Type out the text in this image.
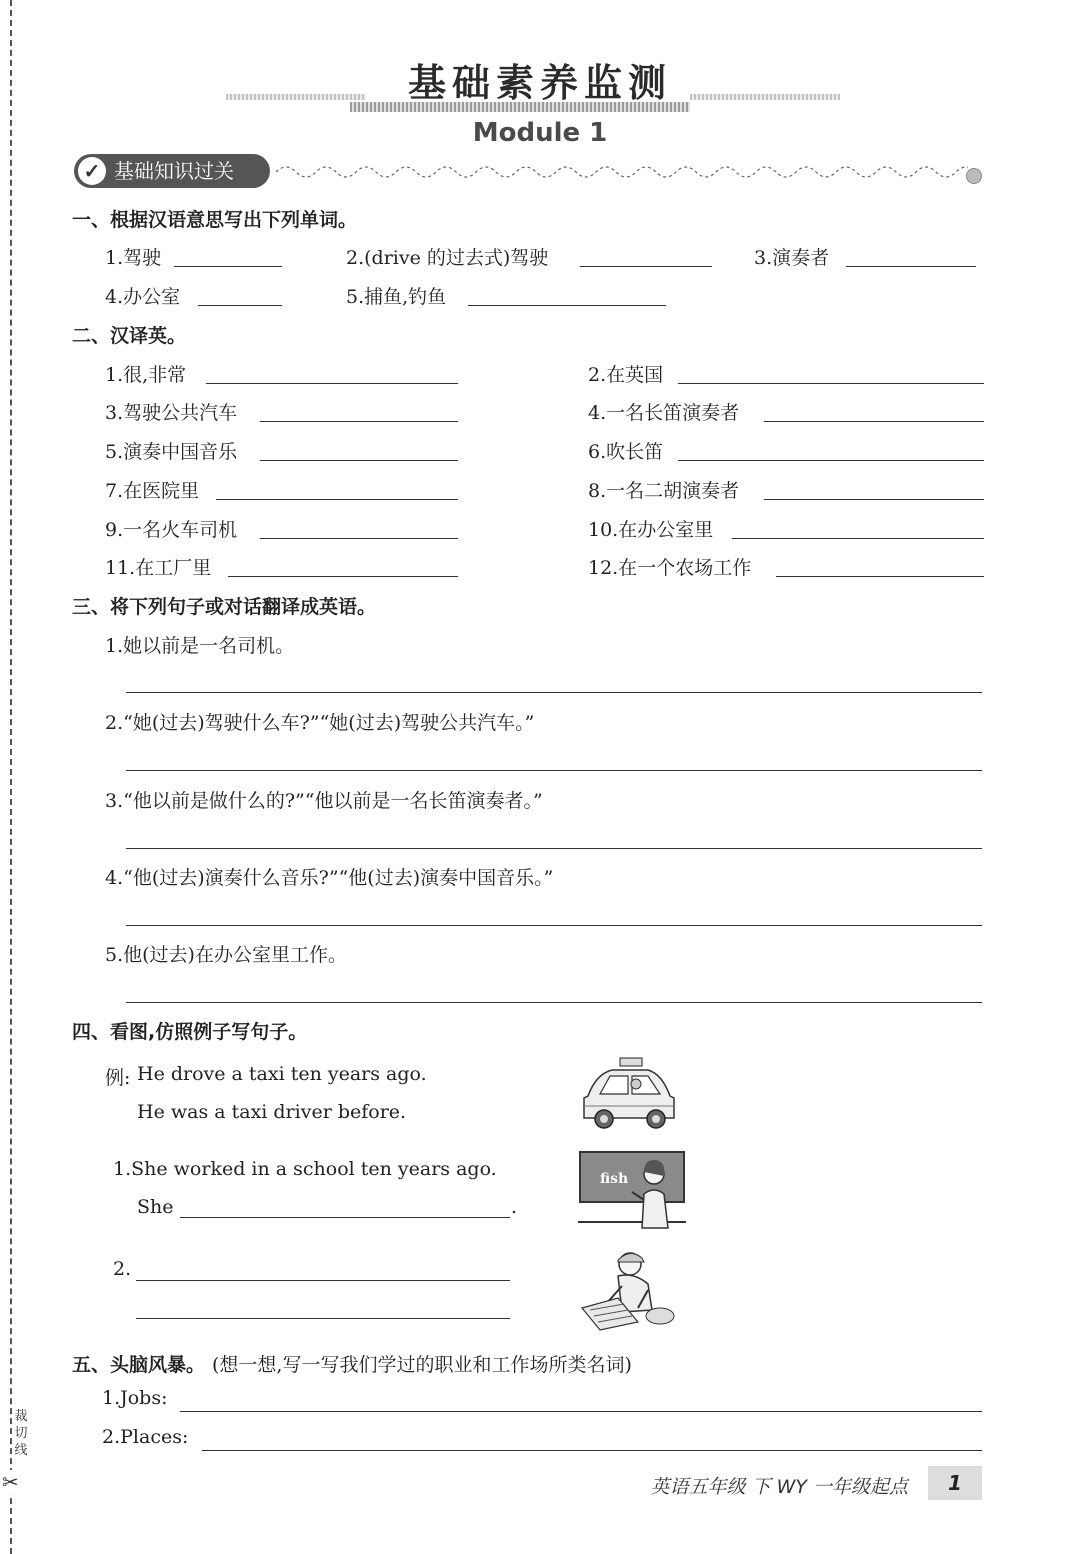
裁切线
✂
基础素养监测
Module 1
基础知识过关
✓
一、根据汉语意思写出下列单词。
1.驾驶	2.(drive 的过去式)驾驶	3.演奏者
4.办公室	5.捕鱼,钓鱼
二、汉译英。
1.很,非常	2.在英国
3.驾驶公共汽车	4.一名长笛演奏者
5.演奏中国音乐	6.吹长笛
7.在医院里	8.一名二胡演奏者
9.一名火车司机	10.在办公室里
11.在工厂里	12.在一个农场工作
三、将下列句子或对话翻译成英语。
1.她以前是一名司机。
2.“她(过去)驾驶什么车?”“她(过去)驾驶公共汽车。”
3.“他以前是做什么的?”“他以前是一名长笛演奏者。”
4.“他(过去)演奏什么音乐?”“他(过去)演奏中国音乐。”
5.他(过去)在办公室里工作。
四、看图,仿照例子写句子。
例: He drove a taxi ten years ago.
He was a taxi driver before.
1.She worked in a school ten years ago.
She	.
2.
fish
五、头脑风暴。 (想一想,写一写我们学过的职业和工作场所类名词)
1.Jobs:
2.Places:
英语五年级 下 WY 一年级起点	1
